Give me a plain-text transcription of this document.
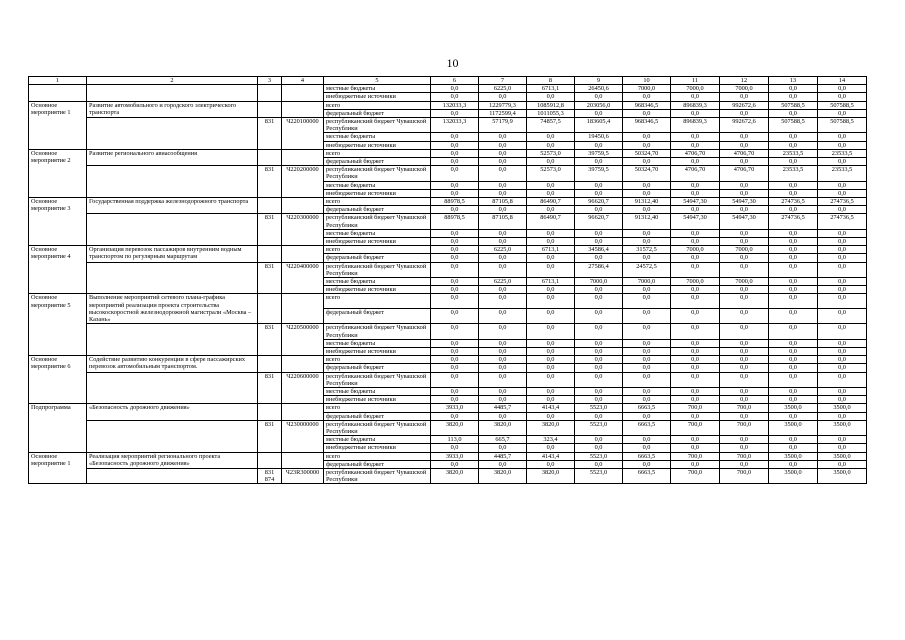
10
1	2	3	4	5	6	7	8	9	10	11	12	13	14
				местные бюджеты	0,0	6225,0	6713,1	26450,6	7000,0	7000,0	7000,0	0,0	0,0
				внебюджетные источники	0,0	0,0	0,0	0,0	0,0	0,0	0,0	0,0	0,0
Основное мероприятие 1	Развитие автомобильного и городского электрического транспорта			всего	132033,3	1229779,3	1085912,8	203056,0	968346,5	896839,3	992672,6	507588,5	507588,5
				федеральный бюджет	0,0	1172599,4	1011055,3	0,0	0,0	0,0	0,0	0,0	0,0
		831	Ч220100000	республиканский бюджет Чувашской Республики	132033,3	57179,9	74857,5	183605,4	968346,5	896839,3	992672,6	507588,5	507588,5
				местные бюджеты	0,0	0,0	0,0	19450,6	0,0	0,0	0,0	0,0	0,0
				внебюджетные источники	0,0	0,0	0,0	0,0	0,0	0,0	0,0	0,0	0,0
Основное мероприятие 2	Развитие регионального авиасообщения			всего	0,0	0,0	52573,0	39759,5	50324,70	4706,70	4706,70	23533,5	23533,5
				федеральный бюджет	0,0	0,0	0,0	0,0	0,0	0,0	0,0	0,0	0,0
		831	Ч220200000	республиканский бюджет Чувашской Республики	0,0	0,0	52573,0	39759,5	50324,70	4706,70	4706,70	23533,5	23533,5
				местные бюджеты	0,0	0,0	0,0	0,0	0,0	0,0	0,0	0,0	0,0
				внебюджетные источники	0,0	0,0	0,0	0,0	0,0	0,0	0,0	0,0	0,0
Основное мероприятие 3	Государственная поддержка железнодорожного транспорта			всего	88978,5	87105,8	86490,7	96620,7	91312,40	54947,30	54947,30	274736,5	274736,5
				федеральный бюджет	0,0	0,0	0,0	0,0	0,0	0,0	0,0	0,0	0,0
		831	Ч220300000	республиканский бюджет Чувашской Республики	88978,5	87105,8	86490,7	96620,7	91312,40	54947,30	54947,30	274736,5	274736,5
				местные бюджеты	0,0	0,0	0,0	0,0	0,0	0,0	0,0	0,0	0,0
				внебюджетные источники	0,0	0,0	0,0	0,0	0,0	0,0	0,0	0,0	0,0
Основное мероприятие 4	Организация перевозок пассажиров внутренним водным транспортом по регулярным маршрутам			всего	0,0	6225,0	6713,1	34586,4	31572,5	7000,0	7000,0	0,0	0,0
				федеральный бюджет	0,0	0,0	0,0	0,0	0,0	0,0	0,0	0,0	0,0
		831	Ч220400000	республиканский бюджет Чувашской Республики	0,0	0,0	0,0	27586,4	24572,5	0,0	0,0	0,0	0,0
				местные бюджеты	0,0	6225,0	6713,1	7000,0	7000,0	7000,0	7000,0	0,0	0,0
				внебюджетные источники	0,0	0,0	0,0	0,0	0,0	0,0	0,0	0,0	0,0
Основное мероприятие 5	Выполнение мероприятий сетевого плана-графика мероприятий реализации проекта строительства высокоскоростной железнодорожной магистрали «Москва – Казань»			всего	0,0	0,0	0,0	0,0	0,0	0,0	0,0	0,0	0,0
				федеральный бюджет	0,0	0,0	0,0	0,0	0,0	0,0	0,0	0,0	0,0
		831	Ч220500000	республиканский бюджет Чувашской Республики	0,0	0,0	0,0	0,0	0,0	0,0	0,0	0,0	0,0
				местные бюджеты	0,0	0,0	0,0	0,0	0,0	0,0	0,0	0,0	0,0
				внебюджетные источники	0,0	0,0	0,0	0,0	0,0	0,0	0,0	0,0	0,0
Основное мероприятие 6	Содействие развитию конкуренции в сфере пассажирских перевозок автомобильным транспортом.			всего	0,0	0,0	0,0	0,0	0,0	0,0	0,0	0,0	0,0
				федеральный бюджет	0,0	0,0	0,0	0,0	0,0	0,0	0,0	0,0	0,0
		831	Ч220600000	республиканский бюджет Чувашской Республики	0,0	0,0	0,0	0,0	0,0	0,0	0,0	0,0	0,0
				местные бюджеты	0,0	0,0	0,0	0,0	0,0	0,0	0,0	0,0	0,0
				внебюджетные источники	0,0	0,0	0,0	0,0	0,0	0,0	0,0	0,0	0,0
Подпрограмма	«Безопасность дорожного движения»			всего	3933,0	4485,7	4143,4	5523,0	6663,5	700,0	700,0	3500,0	3500,0
				федеральный бюджет	0,0	0,0	0,0	0,0	0,0	0,0	0,0	0,0	0,0
		831	Ч230000000	республиканский бюджет Чувашской Республики	3820,0	3820,0	3820,0	5523,0	6663,5	700,0	700,0	3500,0	3500,0
				местные бюджеты	113,0	665,7	323,4	0,0	0,0	0,0	0,0	0,0	0,0
				внебюджетные источники	0,0	0,0	0,0	0,0	0,0	0,0	0,0	0,0	0,0
Основное мероприятие 1	Реализация мероприятий регионального проекта «Безопасность дорожного движения»			всего	3933,0	4485,7	4143,4	5523,0	6663,5	700,0	700,0	3500,0	3500,0
				федеральный бюджет	0,0	0,0	0,0	0,0	0,0	0,0	0,0	0,0	0,0
		831 874	Ч23R300000	республиканский бюджет Чувашской Республики	3820,0	3820,0	3820,0	5523,0	6663,5	700,0	700,0	3500,0	3500,0
